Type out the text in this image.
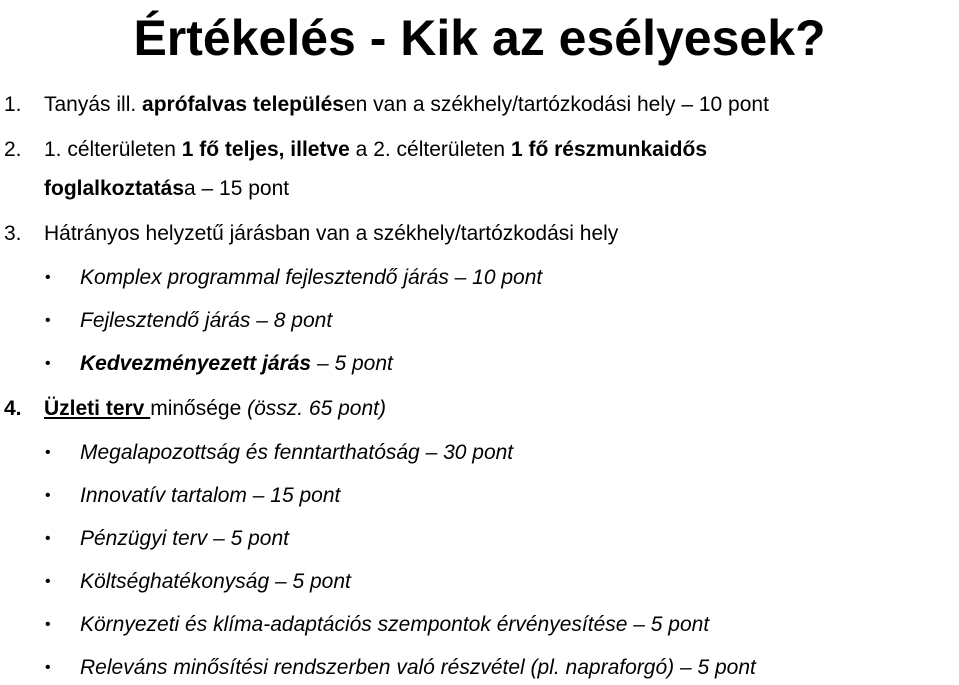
Értékelés - Kik az esélyesek?
1. Tanyás ill. aprófalvas településen van a székhely/tartózkodási hely – 10 pont
2. 1. célterületen 1 fő teljes, illetve a 2. célterületen 1 fő részmunkaidős
foglalkoztatása – 15 pont
3. Hátrányos helyzetű járásban van a székhely/tartózkodási hely
• Komplex programmal fejlesztendő járás – 10 pont
• Fejlesztendő járás – 8 pont
• Kedvezményezett járás – 5 pont
4. Üzleti terv minősége (össz. 65 pont)
• Megalapozottság és fenntarthatóság – 30 pont
• Innovatív tartalom – 15 pont
• Pénzügyi terv – 5 pont
• Költséghatékonyság – 5 pont
• Környezeti és klíma-adaptációs szempontok érvényesítése – 5 pont
• Releváns minősítési rendszerben való részvétel (pl. napraforgó) – 5 pont
